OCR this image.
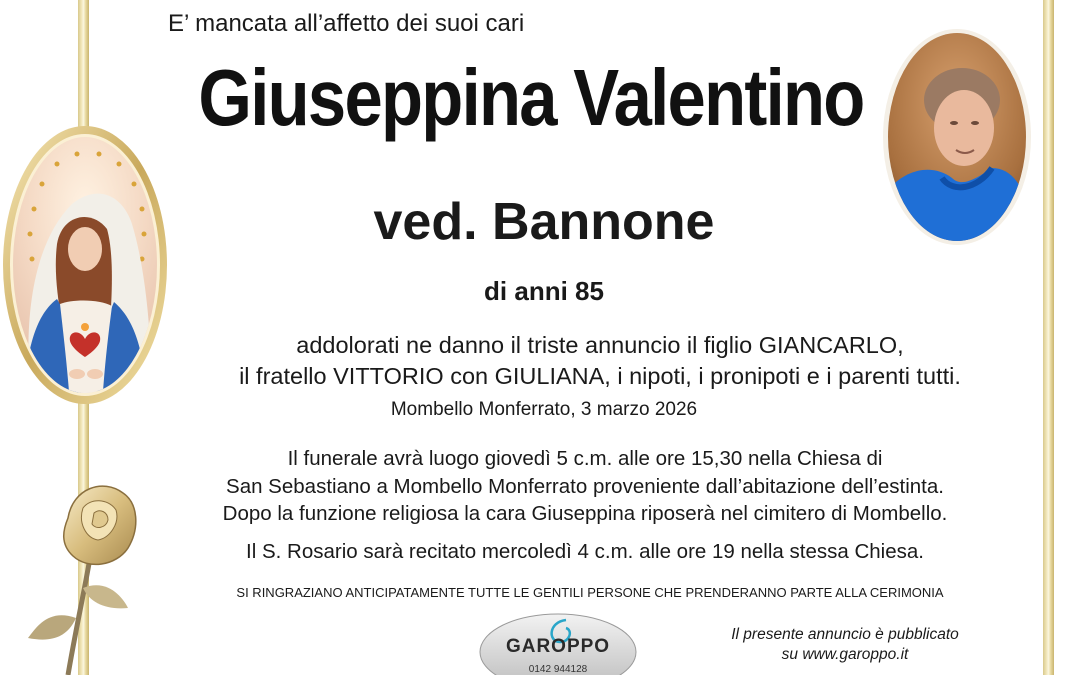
E’ mancata all’affetto dei suoi cari
Giuseppina Valentino
ved. Bannone
di anni 85
addolorati ne danno il triste annuncio il figlio GIANCARLO,
il fratello VITTORIO con GIULIANA, i nipoti, i pronipoti e i parenti tutti.
Mombello Monferrato, 3 marzo 2026
Il funerale avrà luogo giovedì 5 c.m. alle ore 15,30 nella Chiesa di
San Sebastiano a Mombello Monferrato proveniente dall’abitazione dell’estinta.
Dopo la funzione religiosa la cara Giuseppina riposerà nel cimitero di Mombello.
Il S. Rosario sarà recitato mercoledì 4 c.m. alle ore 19 nella stessa Chiesa.
SI RINGRAZIANO ANTICIPATAMENTE TUTTE LE GENTILI PERSONE CHE PRENDERANNO PARTE ALLA CERIMONIA
GAROPPO
0142 944128
Il presente annuncio è pubblicato
su www.garoppo.it
